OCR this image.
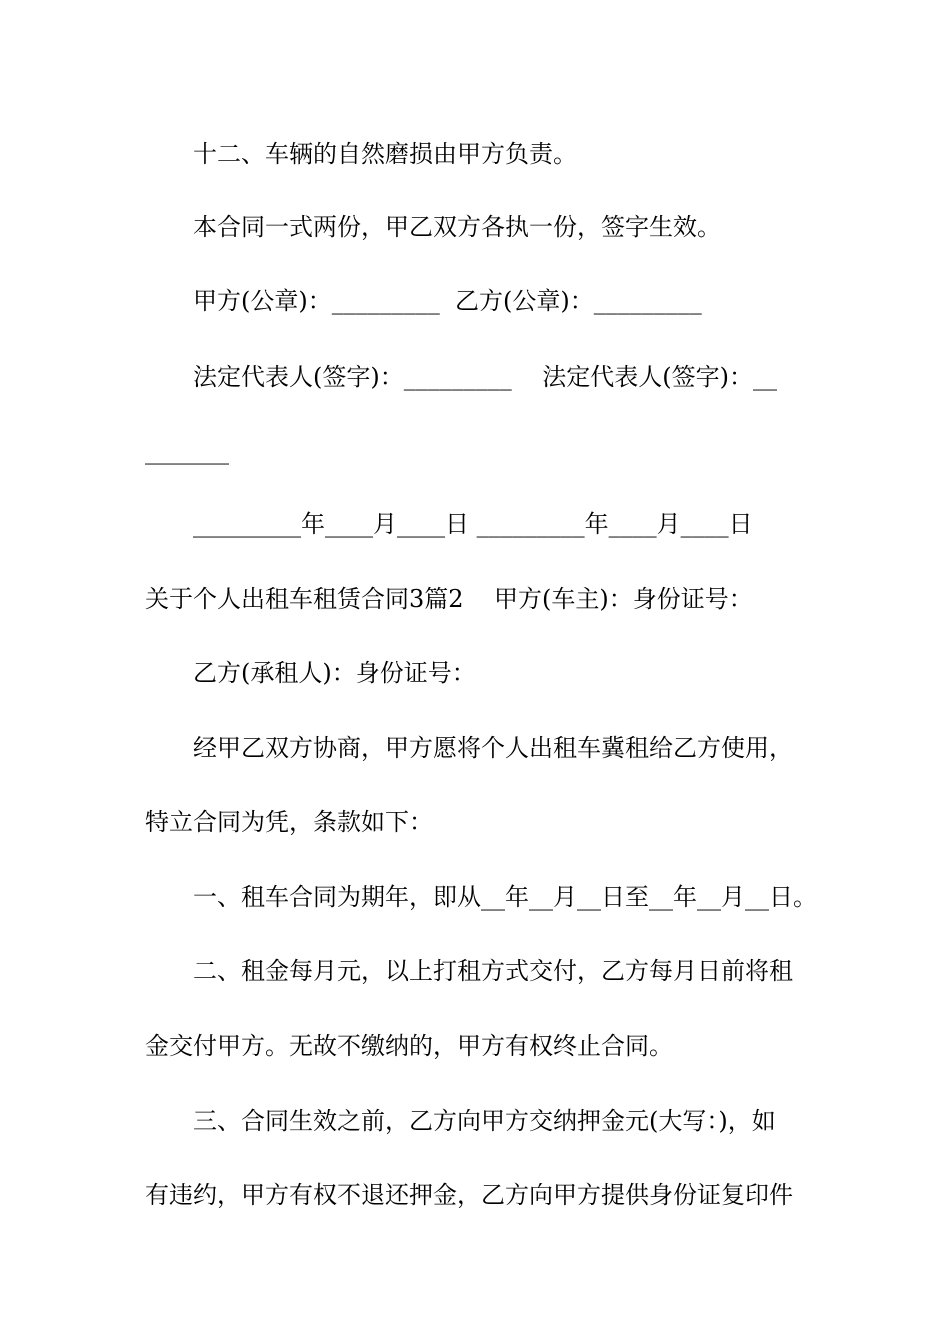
十二、车辆的自然磨损由甲方负责。
本合同一式两份，甲乙双方各执一份，签字生效。
甲方(公章)：_________  乙方(公章)：_________
法定代表人(签字)：_________    法定代表人(签字)：__
_______
_________年____月____日 _________年____月____日
关于个人出租车租赁合同3篇2    甲方(车主)：身份证号：
乙方(承租人)：身份证号：
经甲乙双方协商，甲方愿将个人出租车冀租给乙方使用，
特立合同为凭，条款如下：
一、租车合同为期年，即从__年__月__日至__年__月__日。
二、租金每月元，以上打租方式交付，乙方每月日前将租
金交付甲方。无故不缴纳的，甲方有权终止合同。
三、合同生效之前，乙方向甲方交纳押金元(大写：)，如
有违约，甲方有权不退还押金，乙方向甲方提供身份证复印件
